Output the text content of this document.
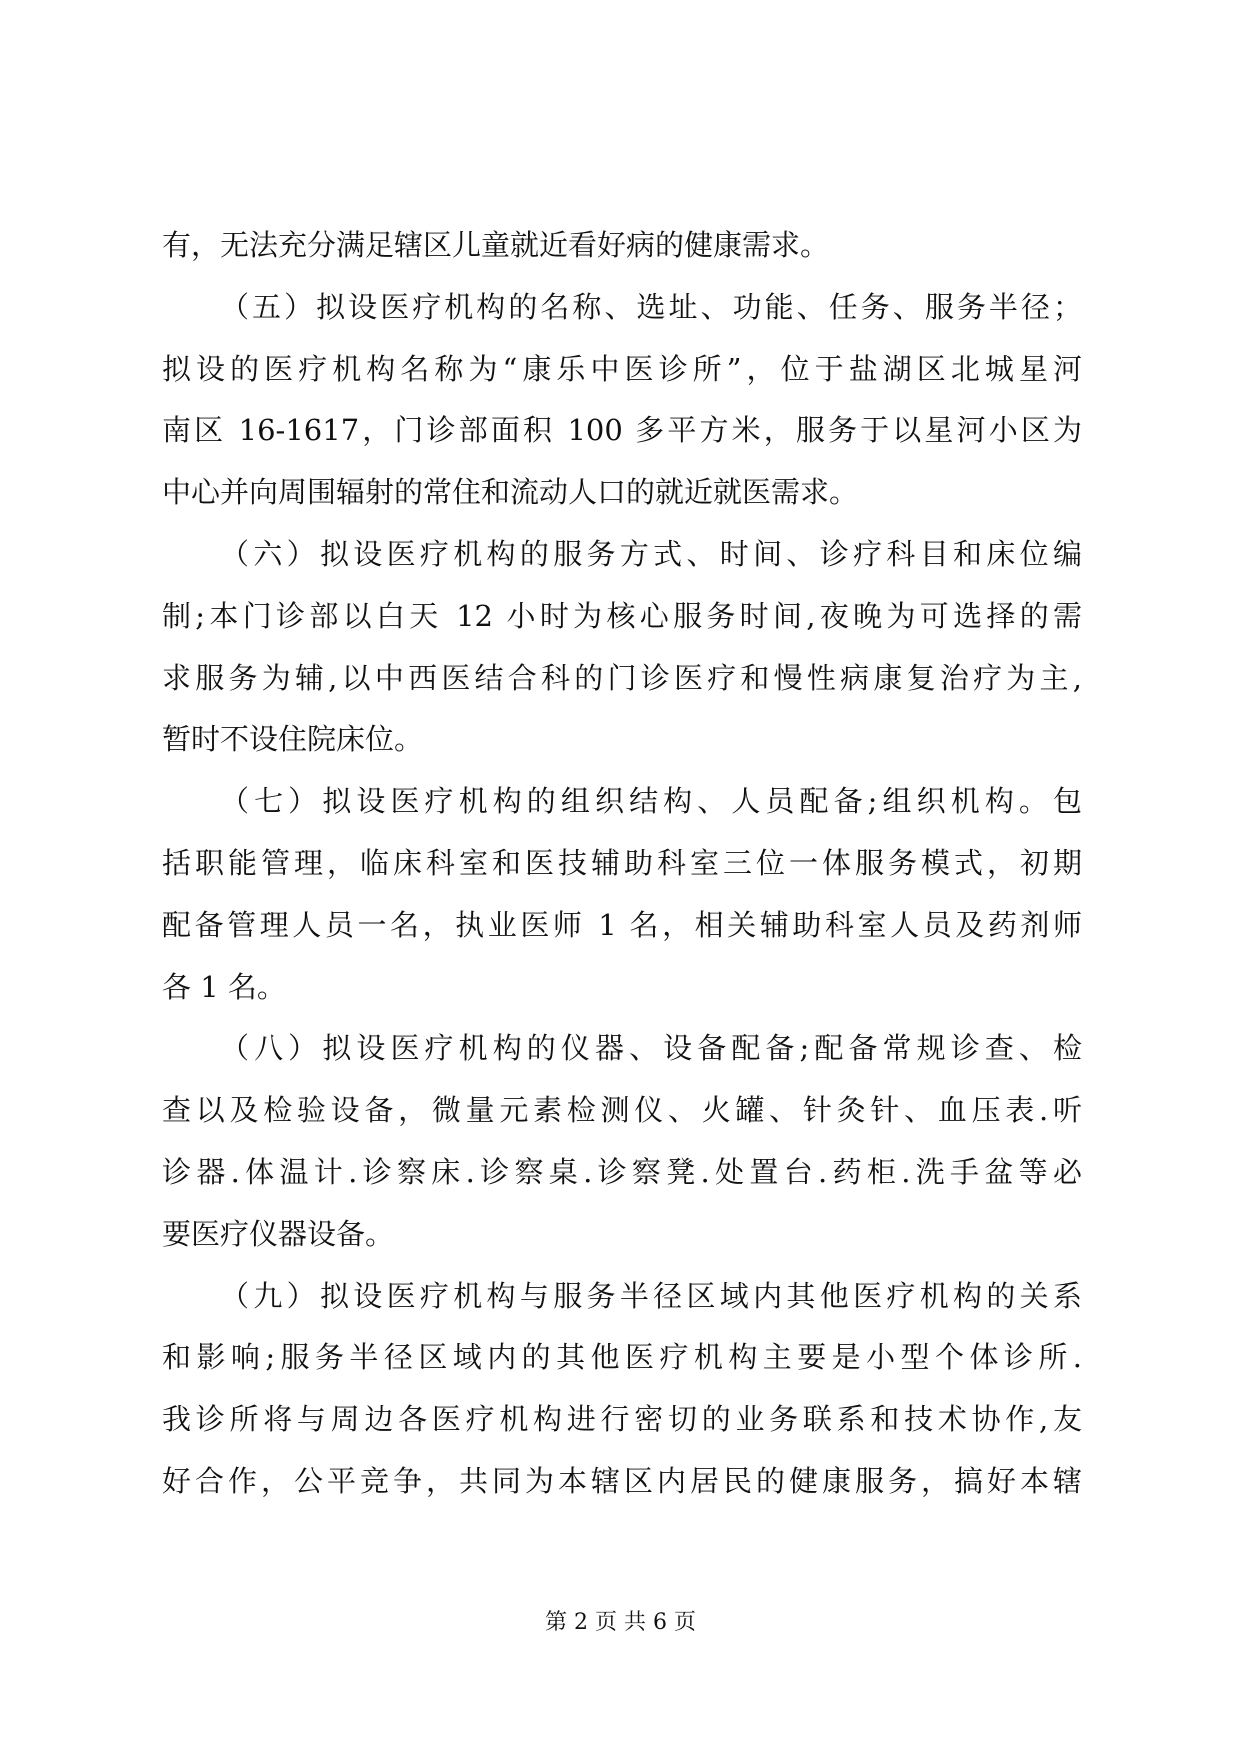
有，无法充分满足辖区儿童就近看好病的健康需求。
（五）拟设医疗机构的名称、选址、功能、任务、服务半径；
拟设的医疗机构名称为“康乐中医诊所”，位于盐湖区北城星河
南区 16-1617，门诊部面积 100 多平方米，服务于以星河小区为
中心并向周围辐射的常住和流动人口的就近就医需求。
（六）拟设医疗机构的服务方式、时间、诊疗科目和床位编
制;本门诊部以白天 12 小时为核心服务时间,夜晚为可选择的需
求服务为辅,以中西医结合科的门诊医疗和慢性病康复治疗为主,
暂时不设住院床位。
（七）拟设医疗机构的组织结构、人员配备;组织机构。包
括职能管理，临床科室和医技辅助科室三位一体服务模式，初期
配备管理人员一名，执业医师 1 名，相关辅助科室人员及药剂师
各 1 名。
（八）拟设医疗机构的仪器、设备配备;配备常规诊查、检
查以及检验设备，微量元素检测仪、火罐、针灸针、血压表.听
诊器.体温计.诊察床.诊察桌.诊察凳.处置台.药柜.洗手盆等必
要医疗仪器设备。
（九）拟设医疗机构与服务半径区域内其他医疗机构的关系
和影响;服务半径区域内的其他医疗机构主要是小型个体诊所.
我诊所将与周边各医疗机构进行密切的业务联系和技术协作,友
好合作，公平竞争，共同为本辖区内居民的健康服务，搞好本辖
第 2 页 共 6 页
